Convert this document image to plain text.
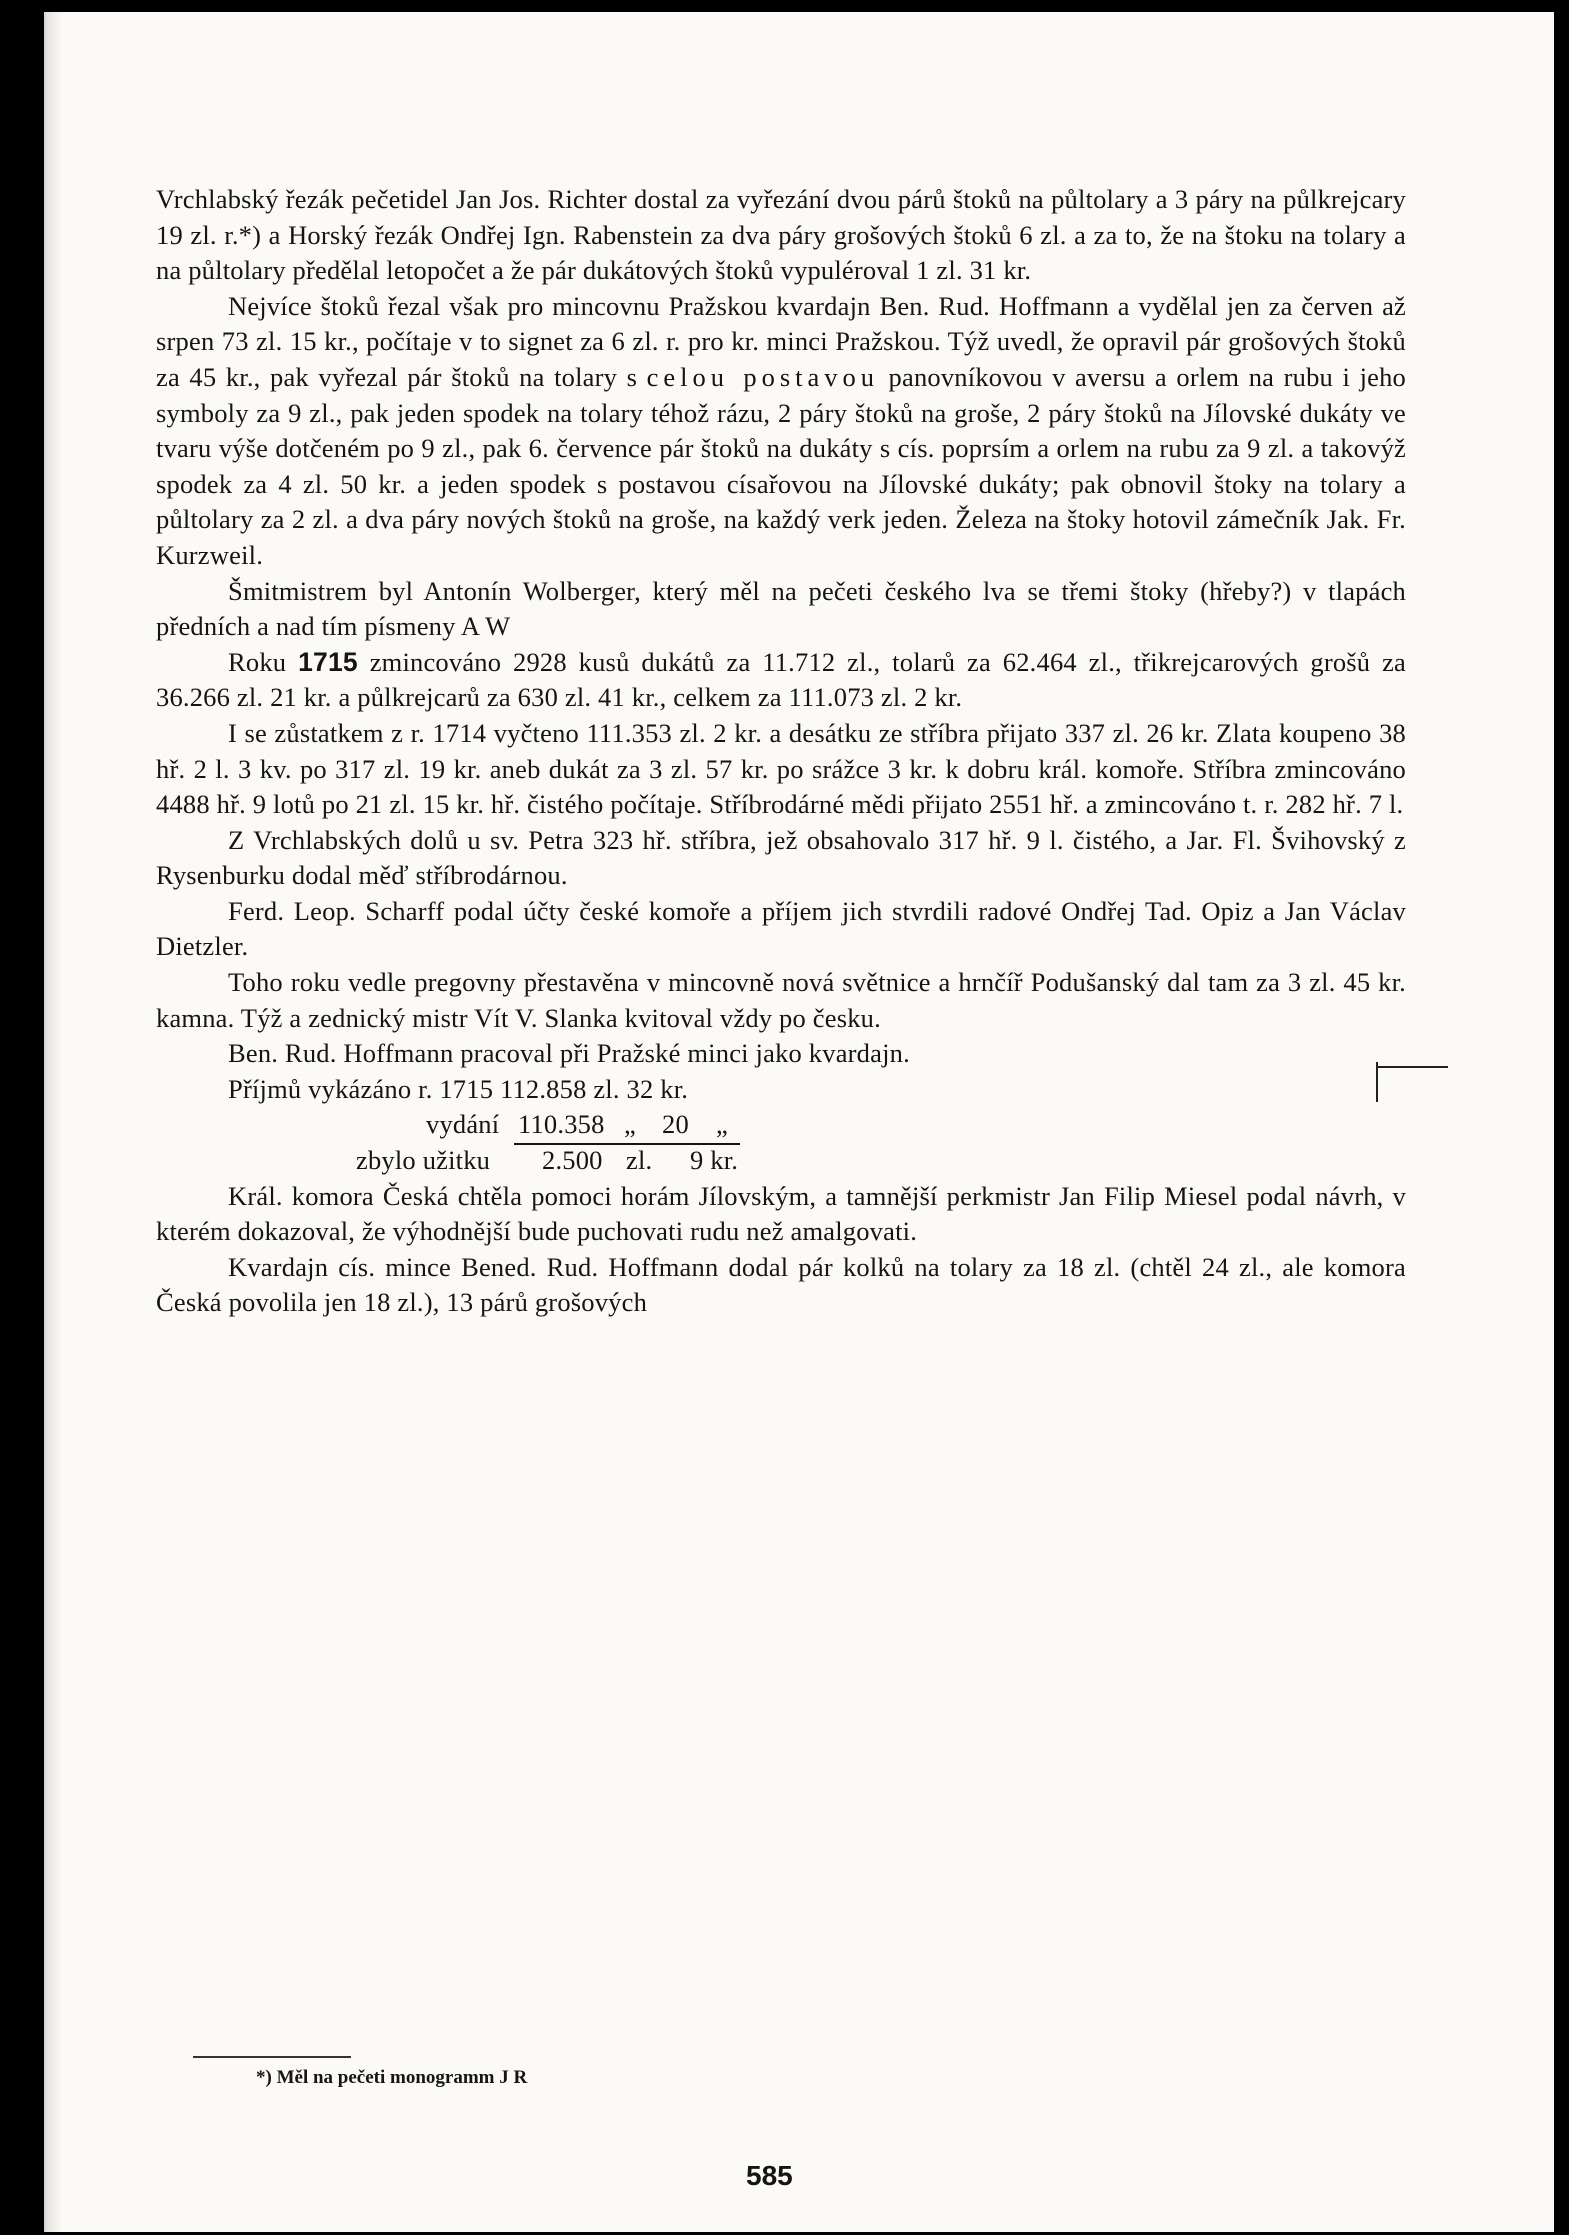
Vrchlabský řezák pečetidel Jan Jos. Richter dostal za vyřezání dvou párů štoků na půltolary a 3 páry na půlkrejcary 19 zl. r.*) a Horský řezák Ondřej Ign. Rabenstein za dva páry grošových štoků 6 zl. a za to, že na štoku na tolary a na půltolary předělal letopočet a že pár dukátových štoků vypuléroval 1 zl. 31 kr.

Nejvíce štoků řezal však pro mincovnu Pražskou kvardajn Ben. Rud. Hoffmann a vydělal jen za červen až srpen 73 zl. 15 kr., počítaje v to signet za 6 zl. r. pro kr. minci Pražskou. Týž uvedl, že opravil pár grošových štoků za 45 kr., pak vyřezal pár štoků na tolary s celou postavou panovníkovou v aversu a orlem na rubu i jeho symboly za 9 zl., pak jeden spodek na tolary téhož rázu, 2 páry štoků na groše, 2 páry štoků na Jílovské dukáty ve tvaru výše dotčeném po 9 zl., pak 6. července pár štoků na dukáty s cís. poprsím a orlem na rubu za 9 zl. a takovýž spodek za 4 zl. 50 kr. a jeden spodek s postavou císařovou na Jílovské dukáty; pak obnovil štoky na tolary a půltolary za 2 zl. a dva páry nových štoků na groše, na každý verk jeden. Železa na štoky hotovil zámečník Jak. Fr. Kurzweil.

Šmitmistrem byl Antonín Wolberger, který měl na pečeti českého lva se třemi štoky (hřeby?) v tlapách předních a nad tím písmeny A W

Roku 1715 zmincováno 2928 kusů dukátů za 11.712 zl., tolarů za 62.464 zl., třikrejcarových grošů za 36.266 zl. 21 kr. a půlkrejcarů za 630 zl. 41 kr., celkem za 111.073 zl. 2 kr.

I se zůstatkem z r. 1714 vyčteno 111.353 zl. 2 kr. a desátku ze stříbra přijato 337 zl. 26 kr. Zlata koupeno 38 hř. 2 l. 3 kv. po 317 zl. 19 kr. aneb dukát za 3 zl. 57 kr. po srážce 3 kr. k dobru král. komoře. Stříbra zmincováno 4488 hř. 9 lotů po 21 zl. 15 kr. hř. čistého počítaje. Stříbrodárné mědi přijato 2551 hř. a zmincováno t. r. 282 hř. 7 l.

Z Vrchlabských dolů u sv. Petra 323 hř. stříbra, jež obsahovalo 317 hř. 9 l. čistého, a Jar. Fl. Švihovský z Rysenburku dodal měď stříbrodárnou.

Ferd. Leop. Scharff podal účty české komoře a příjem jich stvrdili radové Ondřej Tad. Opiz a Jan Václav Dietzler.

Toho roku vedle pregovny přestavěna v mincovně nová světnice a hrnčíř Podušanský dal tam za 3 zl. 45 kr. kamna. Týž a zednický mistr Vít V. Slanka kvitoval vždy po česku.

Ben. Rud. Hoffmann pracoval při Pražské minci jako kvardajn.

Příjmů vykázáno r. 1715 112.858 zl. 32 kr.
vydání
110.358 „ 20 „
zbylo užitku 2.500 zl. 9 kr.

Král. komora Česká chtěla pomoci horám Jílovským, a tamnější perkmistr Jan Filip Miesel podal návrh, v kterém dokazoval, že výhodnější bude puchovati rudu než amalgovati.

Kvardajn cís. mince Bened. Rud. Hoffmann dodal pár kolků na tolary za 18 zl. (chtěl 24 zl., ale komora Česká povolila jen 18 zl.), 13 párů grošových

*) Měl na pečeti monogramm J R
585
